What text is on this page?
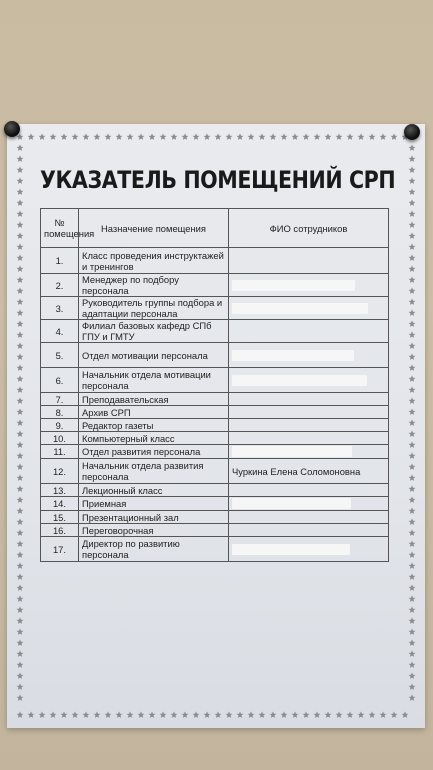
УКАЗАТЕЛЬ ПОМЕЩЕНИЙ СРП
№ помещения	Назначение помещения	ФИО сотрудников
1.	Класс проведения инструктажей и тренингов	
2.	Менеджер по подбору персонала	

3.	Руководитель группы подбора и адаптации персонала	

4.	Филиал базовых кафедр СПб ГПУ и ГМТУ	
5.	Отдел мотивации персонала	

6.	Начальник отдела мотивации персонала	

7.	Преподавательская	
8.	Архив СРП	
9.	Редактор газеты	
10.	Компьютерный класс	
11.	Отдел развития персонала	

12.	Начальник отдела развития персонала	Чуркина Елена Соломоновна
13.	Лекционный класс	
14.	Приемная	

15.	Презентационный зал	
16.	Переговорочная	
17.	Директор по развитию персонала	
